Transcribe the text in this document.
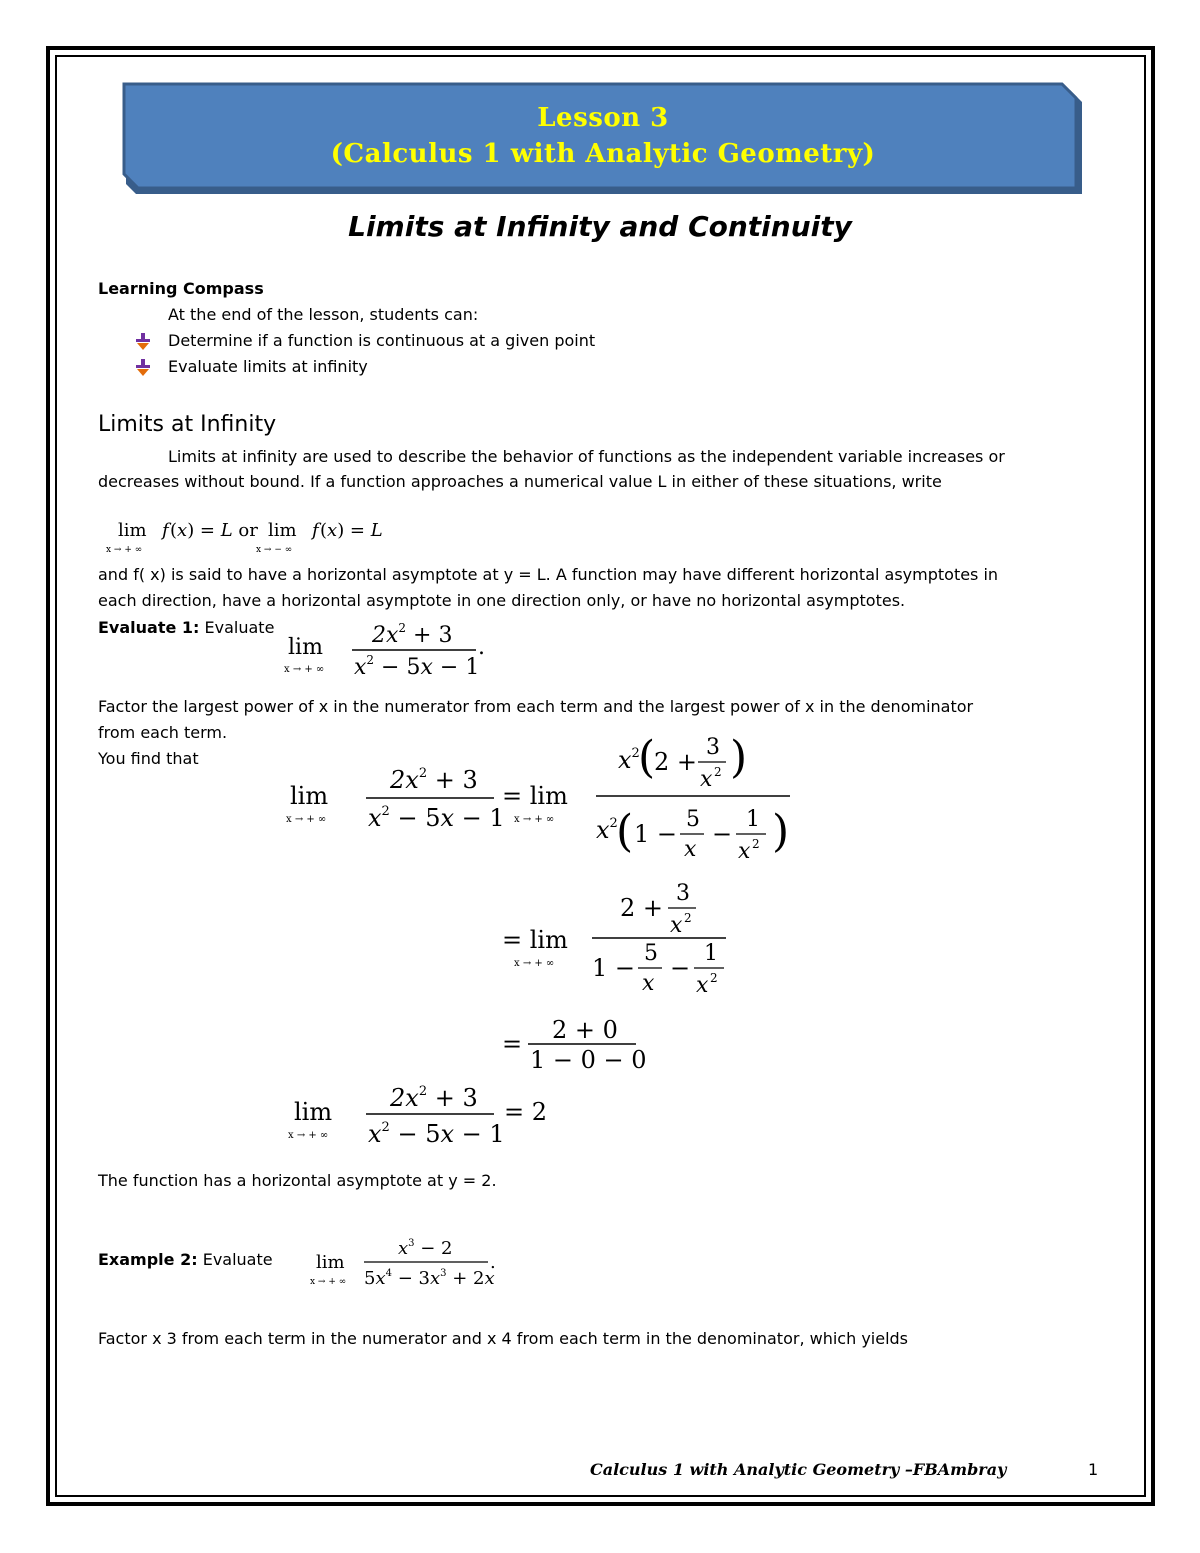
Lesson 3
(Calculus 1 with Analytic Geometry)
Limits at Infinity and Continuity
Learning Compass
At the end of the lesson, students can:
Determine if a function is continuous at a given point
Evaluate limits at infinity
Limits at Infinity
Limits at infinity are used to describe the behavior of functions as the independent variable increases or
decreases without bound. If a function approaches a numerical value L in either of these situations, write
lim
x → + ∞
f (x) = L or lim
x → − ∞
f (x) = L
and f( x) is said to have a horizontal asymptote at y = L. A function may have different horizontal asymptotes in
each direction, have a horizontal asymptote in one direction only, or have no horizontal asymptotes.
Evaluate 1: Evaluate
lim
x → + ∞
$2x^2 + 3$
$x^2 - 5x - 1$
.
Factor the largest power of x in the numerator from each term and the largest power of x in the denominator
from each term.
You find that
lim
x → + ∞
$2x^2 + 3$
$x^2 - 5x - 1$
= lim
x → + ∞
$x^2$
(
2 +
3
x 2 )
$x^2$
( 1 −
5
x
−
1
x 2 )
= lim
x → + ∞
2 +
3
x 2
1 −
5
x
−
1
x 2
= 2 + 0
1 − 0 − 0
lim
x → + ∞
$2x^2 + 3$
$x^2 - 5x - 1$
= 2
The function has a horizontal asymptote at y = 2.
Example 2: Evaluate lim
x → + ∞
$x^3 - 2$
$5x^4 - 3x^3 + 2x$
.
Factor x 3 from each term in the numerator and x 4 from each term in the denominator, which yields
Calculus 1 with Analytic Geometry –FBAmbray	1
